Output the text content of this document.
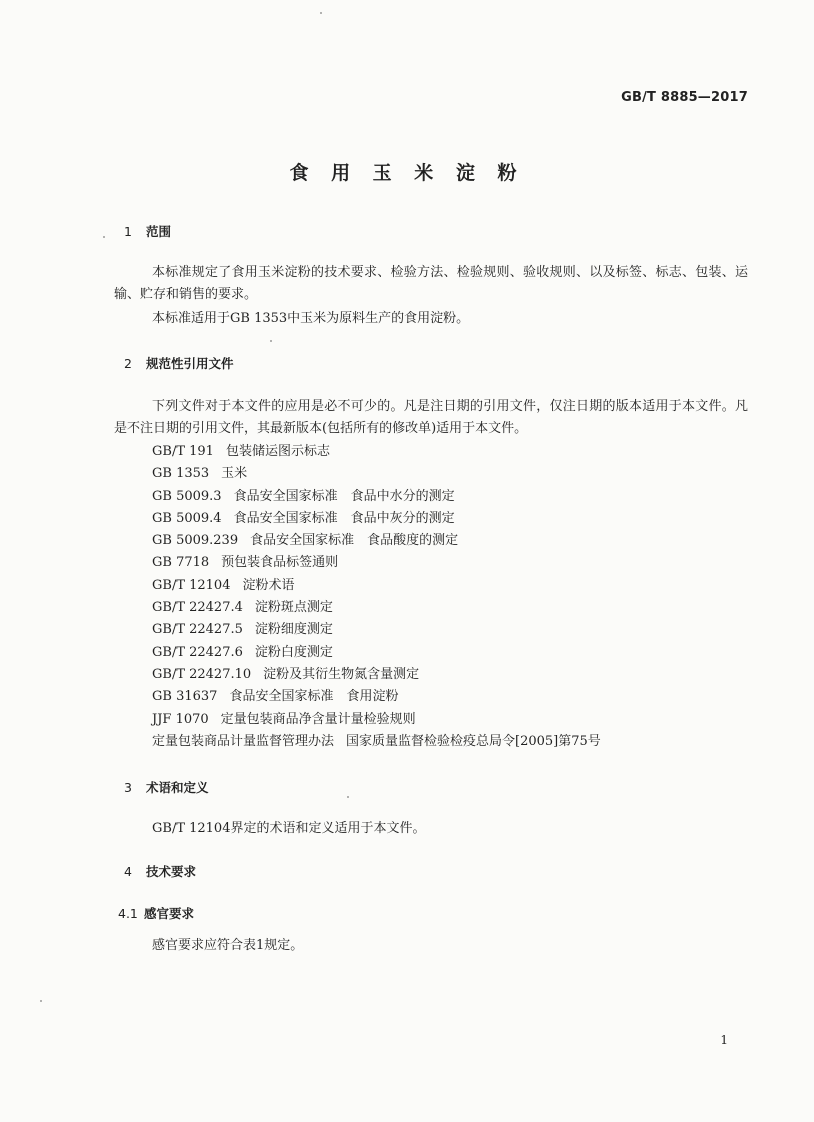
GB/T 8885—2017
食 用 玉 米 淀 粉
1 范围
本标准规定了食用玉米淀粉的技术要求、检验方法、检验规则、验收规则、以及标签、标志、包装、运输、贮存和销售的要求。
本标准适用于GB 1353中玉米为原料生产的食用淀粉。
2 规范性引用文件
下列文件对于本文件的应用是必不可少的。凡是注日期的引用文件，仅注日期的版本适用于本文件。凡是不注日期的引用文件，其最新版本(包括所有的修改单)适用于本文件。
GB/T 191 包装储运图示标志
GB 1353 玉米
GB 5009.3 食品安全国家标准　食品中水分的测定
GB 5009.4 食品安全国家标准　食品中灰分的测定
GB 5009.239 食品安全国家标准　食品酸度的测定
GB 7718 预包装食品标签通则
GB/T 12104 淀粉术语
GB/T 22427.4 淀粉斑点测定
GB/T 22427.5 淀粉细度测定
GB/T 22427.6 淀粉白度测定
GB/T 22427.10 淀粉及其衍生物氮含量测定
GB 31637 食品安全国家标准　食用淀粉
JJF 1070 定量包装商品净含量计量检验规则
定量包装商品计量监督管理办法 国家质量监督检验检疫总局令[2005]第75号
3 术语和定义
GB/T 12104界定的术语和定义适用于本文件。
4 技术要求
4.1 感官要求
感官要求应符合表1规定。
1
